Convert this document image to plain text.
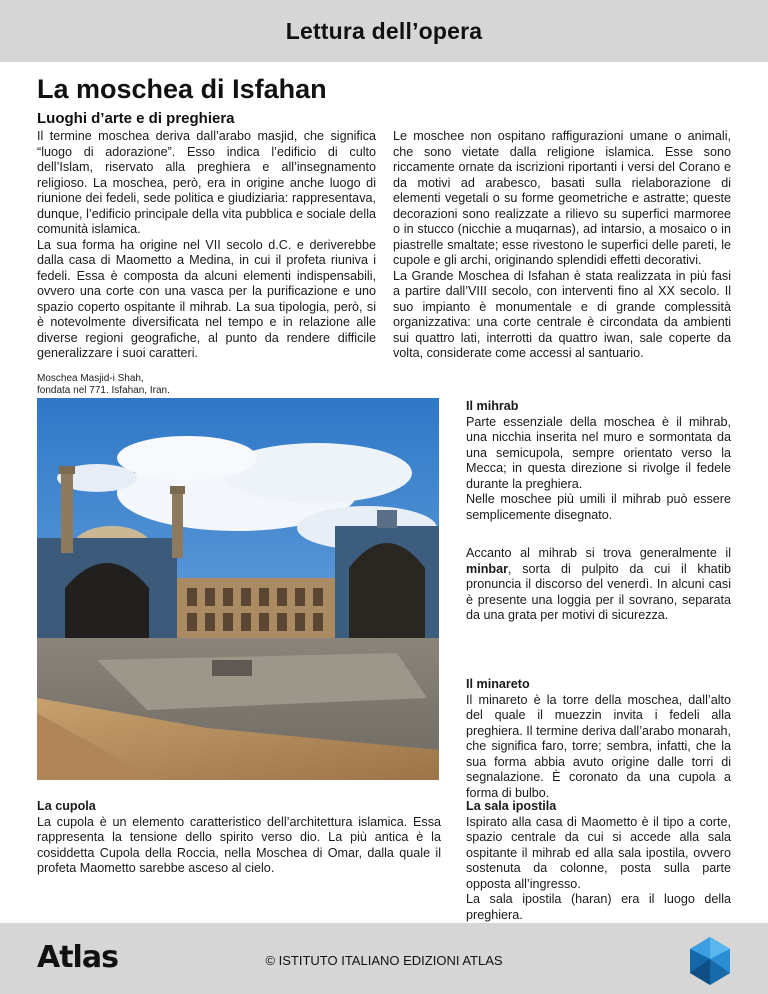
Lettura dell’opera
La moschea di Isfahan
Luoghi d’arte e di preghiera

Il termine moschea deriva dall’arabo masjid, che significa “luogo di adorazione”. Esso indica l’edificio di culto dell’Islam, riservato alla preghiera e all’insegnamento religioso. La moschea, però, era in origine anche luogo di riunione dei fedeli, sede politica e giudiziaria: rappresentava, dunque, l’edificio principale della vita pubblica e sociale della comunità islamica.

La sua forma ha origine nel VII secolo d.C. e deriverebbe dalla casa di Maometto a Medina, in cui il profeta riuniva i fedeli. Essa è composta da alcuni elementi indispensabili, ovvero una corte con una vasca per la purificazione e uno spazio coperto ospitante il mihrab. La sua tipologia, però, si è notevolmente diversificata nel tempo e in relazione alle diverse regioni geografiche, al punto da rendere difficile generalizzare i suoi caratteri.

Le moschee non ospitano raffigurazioni umane o animali, che sono vietate dalla religione islamica. Esse sono riccamente ornate da iscrizioni riportanti i versi del Corano e da motivi ad arabesco, basati sulla rielaborazione di elementi vegetali o su forme geometriche e astratte; queste decorazioni sono realizzate a rilievo su superfici marmoree o in stucco (nicchie a muqarnas), ad intarsio, a mosaico o in piastrelle smaltate; esse rivestono le superfici delle pareti, le cupole e gli archi, originando splendidi effetti decorativi.

La Grande Moschea di Isfahan è stata realizzata in più fasi a partire dall’VIII secolo, con interventi fino al XX secolo. Il suo impianto è monumentale e di grande complessità organizzativa: una corte centrale è circondata da ambienti sui quattro lati, interrotti da quattro iwan, sale coperte da volta, considerate come accessi al santuario.

Moschea Masjid-i Shah,
fondata nel 771. Isfahan, Iran.
Il mihrab

Parte essenziale della moschea è il mihrab, una nicchia inserita nel muro e sormontata da una semicupola, sempre orientato verso la Mecca; in questa direzione si rivolge il fedele durante la preghiera.

Nelle moschee più umili il mihrab può essere semplicemente disegnato.

Accanto al mihrab si trova generalmente il minbar, sorta di pulpito da cui il khatib pronuncia il discorso del venerdì. In alcuni casi è presente una loggia per il sovrano, separata da una grata per motivi di sicurezza.

Il minareto

Il minareto è la torre della moschea, dall’alto del quale il muezzin invita i fedeli alla preghiera. Il termine deriva dall’arabo monarah, che significa faro, torre; sembra, infatti, che la sua forma abbia avuto origine dalle torri di segnalazione. È coronato da una cupola a forma di bulbo.

La cupola

La cupola è un elemento caratteristico dell’architettura islamica. Essa rappresenta la tensione dello spirito verso dio. La più antica è la cosiddetta Cupola della Roccia, nella Moschea di Omar, dalla quale il profeta Maometto sarebbe asceso al cielo.

La sala ipostila

Ispirato alla casa di Maometto è il tipo a corte, spazio centrale da cui si accede alla sala ospitante il mihrab ed alla sala ipostila, ovvero sostenuta da colonne, posta sulla parte opposta all’ingresso.

La sala ipostila (haran) era il luogo della preghiera.

Atlas	© ISTITUTO ITALIANO EDIZIONI ATLAS
